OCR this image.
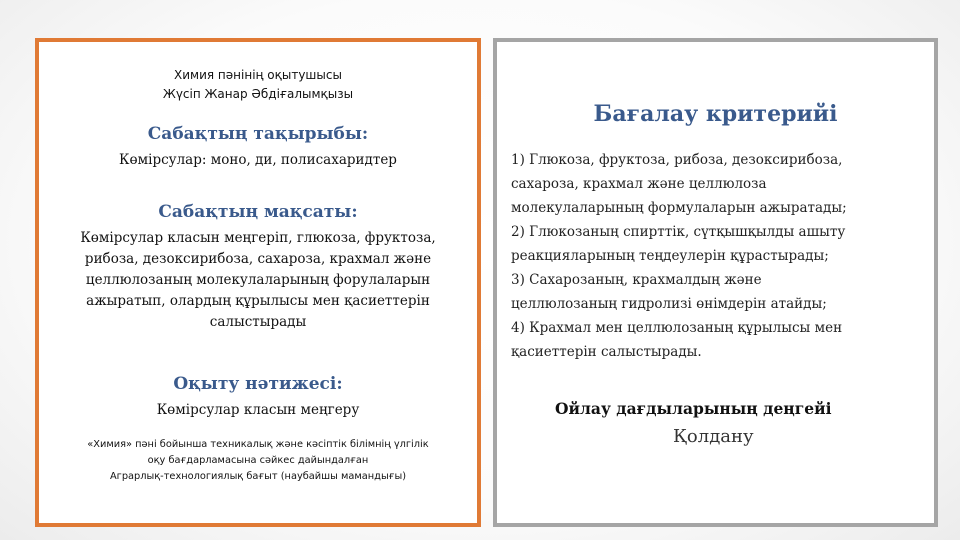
Химия пәнінің оқытушысы
Жүсіп Жанар Әбдіғалымқызы
Сабақтың тақырыбы:
Көмірсулар: моно, ди, полисахаридтер
Сабақтың мақсаты:
Көмірсулар класын меңгеріп, глюкоза, фруктоза,
рибоза, дезоксирибоза, сахароза, крахмал және
целлюлозаның молекулаларының форулаларын
ажыратып, олардың құрылысы мен қасиеттерін
салыстырады
Оқыту нәтижесі:
Көмірсулар класын меңгеру
«Химия» пәні бойынша техникалық және кәсіптік білімнің үлгілік
оқу бағдарламасына сәйкес дайындалған
Аграрлық-технологиялық бағыт (наубайшы мамандығы)
Бағалау критерийі
1) Глюкоза, фруктоза, рибоза, дезоксирибоза,
сахароза, крахмал және целлюлоза
молекулаларының формулаларын ажыратады;
2) Глюкозаның спирттік, сүтқышқылды ашыту
реакцияларының теңдеулерін құрастырады;
3) Сахарозаның, крахмалдың және
целлюлозаның гидролизі өнімдерін атайды;
4) Крахмал мен целлюлозаның құрылысы мен
қасиеттерін салыстырады.
Ойлау дағдыларының деңгейі
Қолдану
